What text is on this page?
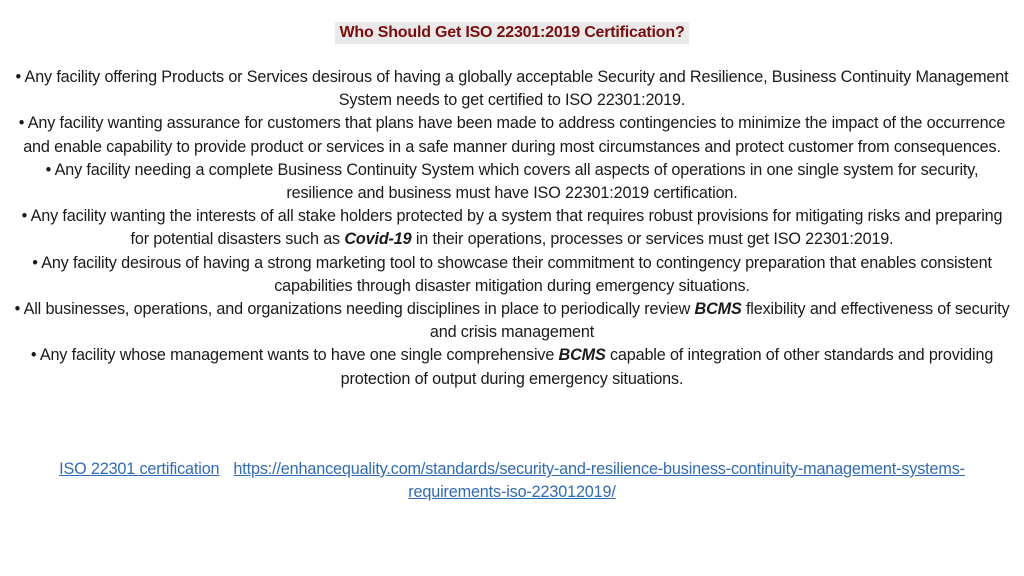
Who Should Get ISO 22301:2019 Certification?

• Any facility offering Products or Services desirous of having a globally acceptable Security and Resilience, Business Continuity Management System needs to get certified to ISO 22301:2019.

• Any facility wanting assurance for customers that plans have been made to address contingencies to minimize the impact of the occurrence and enable capability to provide product or services in a safe manner during most circumstances and protect customer from consequences.

• Any facility needing a complete Business Continuity System which covers all aspects of operations in one single system for security, resilience and business must have ISO 22301:2019 certification.

• Any facility wanting the interests of all stake holders protected by a system that requires robust provisions for mitigating risks and preparing for potential disasters such as Covid-19 in their operations, processes or services must get ISO 22301:2019.

• Any facility desirous of having a strong marketing tool to showcase their commitment to contingency preparation that enables consistent capabilities through disaster mitigation during emergency situations.

• All businesses, operations, and organizations needing disciplines in place to periodically review BCMS flexibility and effectiveness of security and crisis management

• Any facility whose management wants to have one single comprehensive BCMS capable of integration of other standards and providing protection of output during emergency situations.

ISO 22301 certification https://enhancequality.com/standards/security-and-resilience-business-continuity-management-systems-requirements-iso-223012019/
